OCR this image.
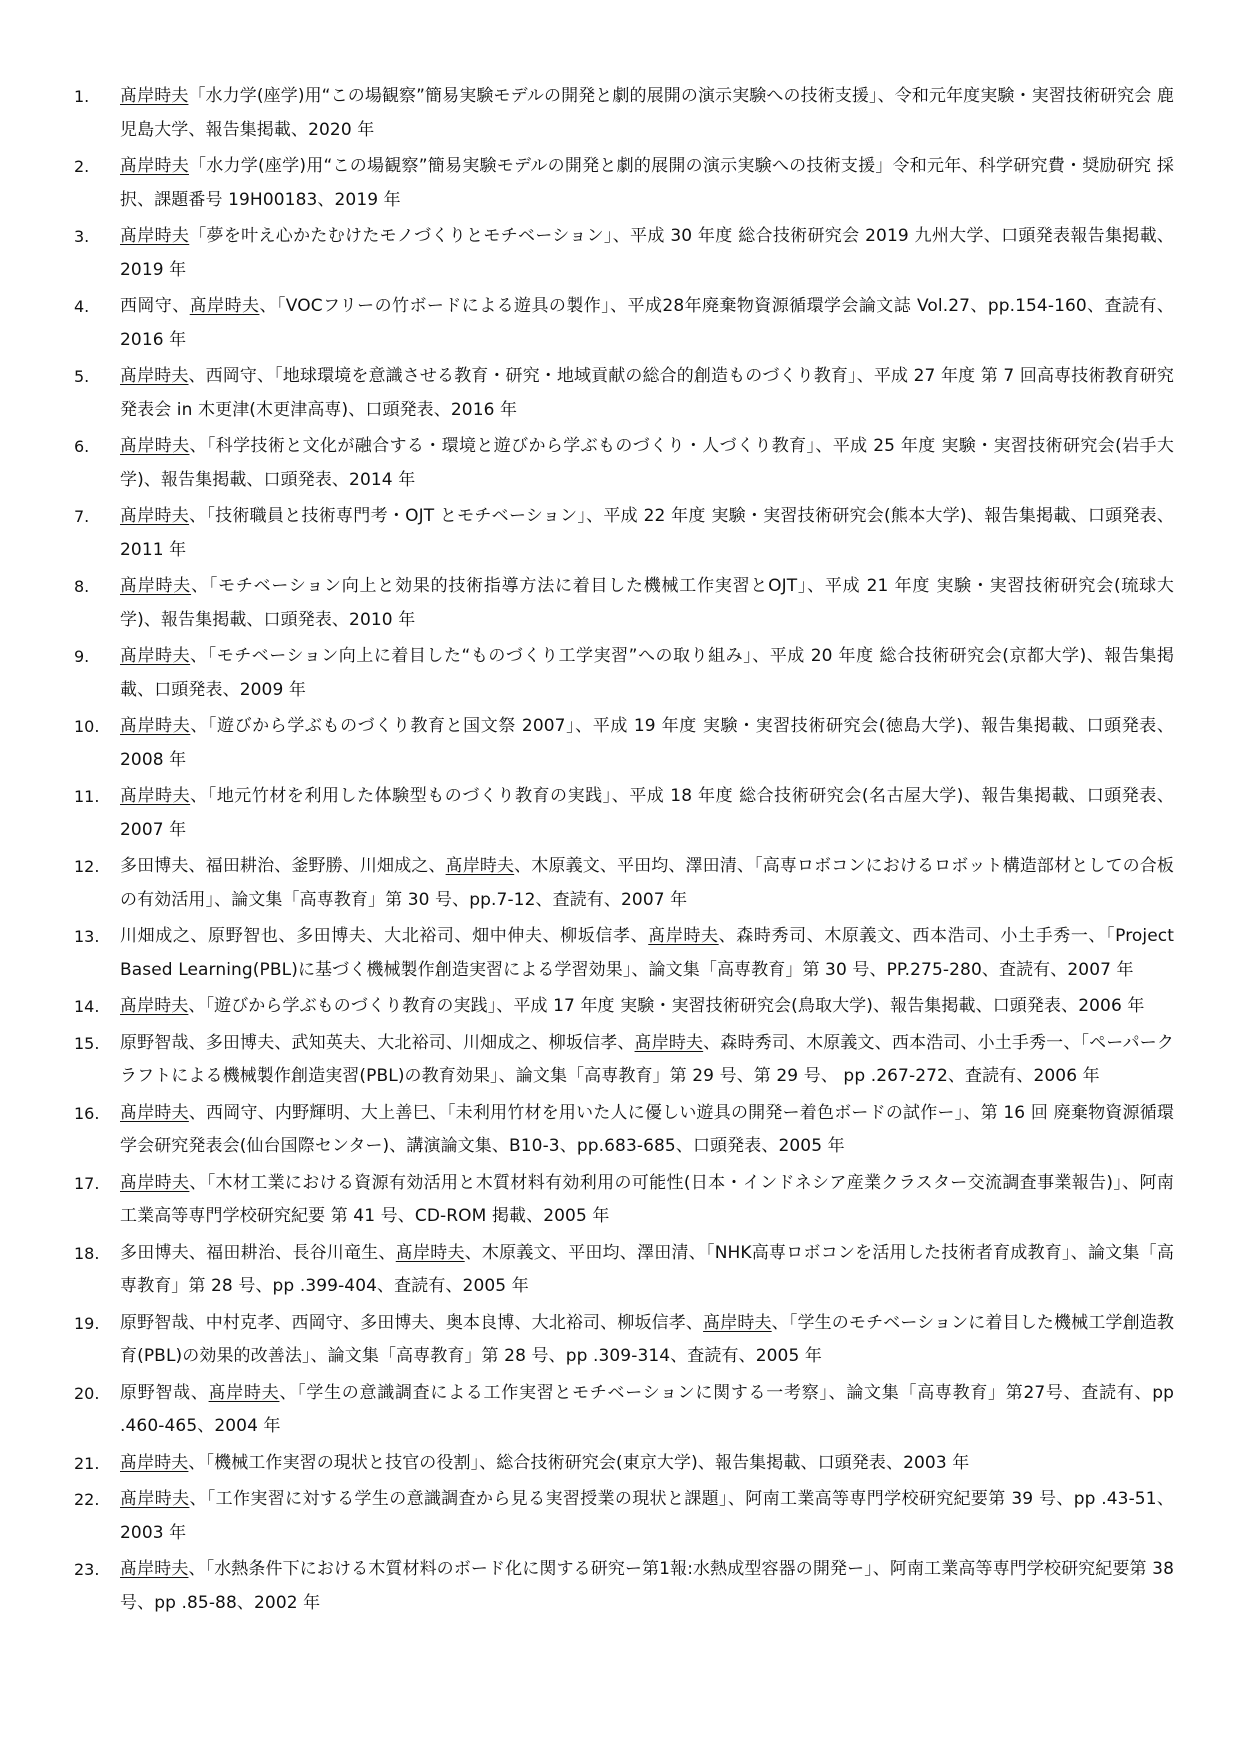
1.	髙岸時夫「水力学(座学)用“この場観察”簡易実験モデルの開発と劇的展開の演示実験への技術支援」、令和元年度実験・実習技術研究会 鹿児島大学、報告集掲載、2020 年
2.	髙岸時夫「水力学(座学)用“この場観察”簡易実験モデルの開発と劇的展開の演示実験への技術支援」令和元年、科学研究費・奨励研究 採択、課題番号 19H00183、2019 年
3.	髙岸時夫「夢を叶え心かたむけたモノづくりとモチベーション」、平成 30 年度 総合技術研究会 2019 九州大学、口頭発表報告集掲載、2019 年
4.	西岡守、髙岸時夫、「VOCフリーの竹ボードによる遊具の製作」、平成28年廃棄物資源循環学会論文誌 Vol.27、pp.154-160、査読有、2016 年
5.	髙岸時夫、西岡守、「地球環境を意識させる教育・研究・地域貢献の総合的創造ものづくり教育」、平成 27 年度 第 7 回高専技術教育研究発表会 in 木更津(木更津高専)、口頭発表、2016 年
6.	髙岸時夫、「科学技術と文化が融合する・環境と遊びから学ぶものづくり・人づくり教育」、平成 25 年度 実験・実習技術研究会(岩手大学)、報告集掲載、口頭発表、2014 年
7.	髙岸時夫、「技術職員と技術専門考・OJT とモチベーション」、平成 22 年度 実験・実習技術研究会(熊本大学)、報告集掲載、口頭発表、2011 年
8.	髙岸時夫、「モチベーション向上と効果的技術指導方法に着目した機械工作実習とOJT」、平成 21 年度 実験・実習技術研究会(琉球大学)、報告集掲載、口頭発表、2010 年
9.	髙岸時夫、「モチベーション向上に着目した“ものづくり工学実習”への取り組み」、平成 20 年度 総合技術研究会(京都大学)、報告集掲載、口頭発表、2009 年
10.	髙岸時夫、「遊びから学ぶものづくり教育と国文祭 2007」、平成 19 年度 実験・実習技術研究会(徳島大学)、報告集掲載、口頭発表、2008 年
11.	髙岸時夫、「地元竹材を利用した体験型ものづくり教育の実践」、平成 18 年度 総合技術研究会(名古屋大学)、報告集掲載、口頭発表、2007 年
12.	多田博夫、福田耕治、釜野勝、川畑成之、髙岸時夫、木原義文、平田均、澤田清、「高専ロボコンにおけるロボット構造部材としての合板の有効活用」、論文集「高専教育」第 30 号、pp.7-12、査読有、2007 年
13.	川畑成之、原野智也、多田博夫、大北裕司、畑中伸夫、柳坂信孝、髙岸時夫、森時秀司、木原義文、西本浩司、小土手秀一、「Project Based Learning(PBL)に基づく機械製作創造実習による学習効果」、論文集「高専教育」第 30 号、PP.275-280、査読有、2007 年
14.	髙岸時夫、「遊びから学ぶものづくり教育の実践」、平成 17 年度 実験・実習技術研究会(鳥取大学)、報告集掲載、口頭発表、2006 年
15.	原野智哉、多田博夫、武知英夫、大北裕司、川畑成之、柳坂信孝、髙岸時夫、森時秀司、木原義文、西本浩司、小土手秀一、「ペーパークラフトによる機械製作創造実習(PBL)の教育効果」、論文集「高専教育」第 29 号、第 29 号、 pp .267-272、査読有、2006 年
16.	髙岸時夫、西岡守、内野輝明、大上善巳、「未利用竹材を用いた人に優しい遊具の開発ー着色ボードの試作ー」、第 16 回 廃棄物資源循環学会研究発表会(仙台国際センター)、講演論文集、B10-3、pp.683-685、口頭発表、2005 年
17.	髙岸時夫、「木材工業における資源有効活用と木質材料有効利用の可能性(日本・インドネシア産業クラスター交流調査事業報告)」、阿南工業高等専門学校研究紀要 第 41 号、CD-ROM 掲載、2005 年
18.	多田博夫、福田耕治、長谷川竜生、髙岸時夫、木原義文、平田均、澤田清、「NHK高専ロボコンを活用した技術者育成教育」、論文集「高専教育」第 28 号、pp .399-404、査読有、2005 年
19.	原野智哉、中村克孝、西岡守、多田博夫、奥本良博、大北裕司、柳坂信孝、髙岸時夫、「学生のモチベーションに着目した機械工学創造教育(PBL)の効果的改善法」、論文集「高専教育」第 28 号、pp .309-314、査読有、2005 年
20.	原野智哉、髙岸時夫、「学生の意識調査による工作実習とモチベーションに関する一考察」、論文集「高専教育」第27号、査読有、pp .460-465、2004 年
21.	髙岸時夫、「機械工作実習の現状と技官の役割」、総合技術研究会(東京大学)、報告集掲載、口頭発表、2003 年
22.	髙岸時夫、「工作実習に対する学生の意識調査から見る実習授業の現状と課題」、阿南工業高等専門学校研究紀要第 39 号、pp .43-51、2003 年
23.	髙岸時夫、「水熱条件下における木質材料のボード化に関する研究ー第1報:水熱成型容器の開発ー」、阿南工業高等専門学校研究紀要第 38 号、pp .85-88、2002 年
